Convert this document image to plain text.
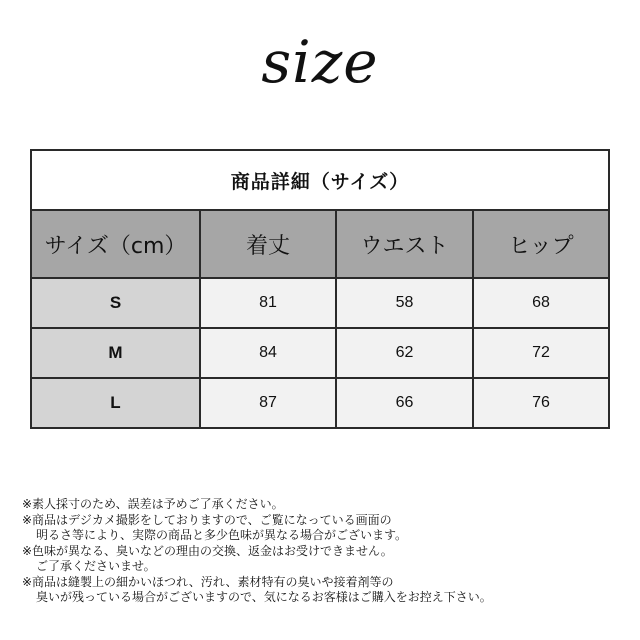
size
商品詳細（サイズ）			
サイズ（cm）	着丈	ウエスト	ヒップ
S	81	58	68
M	84	62	72
L	87	66	76
※素人採寸のため、誤差は予めご了承ください。
※商品はデジカメ撮影をしておりますので、ご覧になっている画面の
明るさ等により、実際の商品と多少色味が異なる場合がございます。
※色味が異なる、臭いなどの理由の交換、返金はお受けできません。
ご了承くださいませ。
※商品は縫製上の細かいほつれ、汚れ、素材特有の臭いや接着剤等の
臭いが残っている場合がございますので、気になるお客様はご購入をお控え下さい。
